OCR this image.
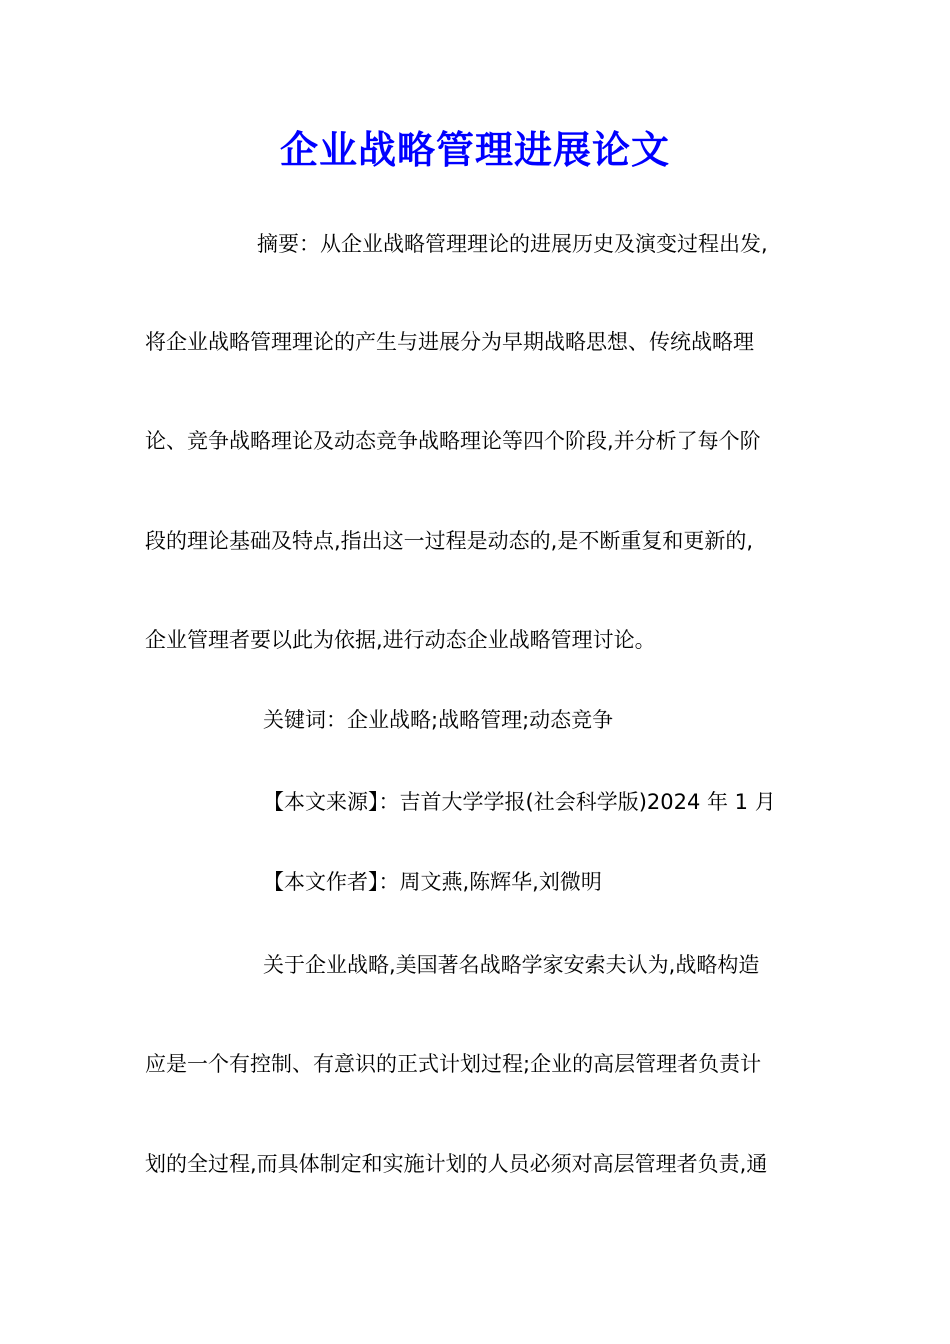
企业战略管理进展论文
摘要：从企业战略管理理论的进展历史及演变过程出发,
将企业战略管理理论的产生与进展分为早期战略思想、传统战略理
论、竞争战略理论及动态竞争战略理论等四个阶段,并分析了每个阶
段的理论基础及特点,指出这一过程是动态的,是不断重复和更新的,
企业管理者要以此为依据,进行动态企业战略管理讨论。
关键词：企业战略;战略管理;动态竞争
【本文来源】：吉首大学学报(社会科学版)2024 年 1 月
【本文作者】：周文燕,陈辉华,刘微明
关于企业战略,美国著名战略学家安索夫认为,战略构造
应是一个有控制、有意识的正式计划过程;企业的高层管理者负责计
划的全过程,而具体制定和实施计划的人员必须对高层管理者负责,通
